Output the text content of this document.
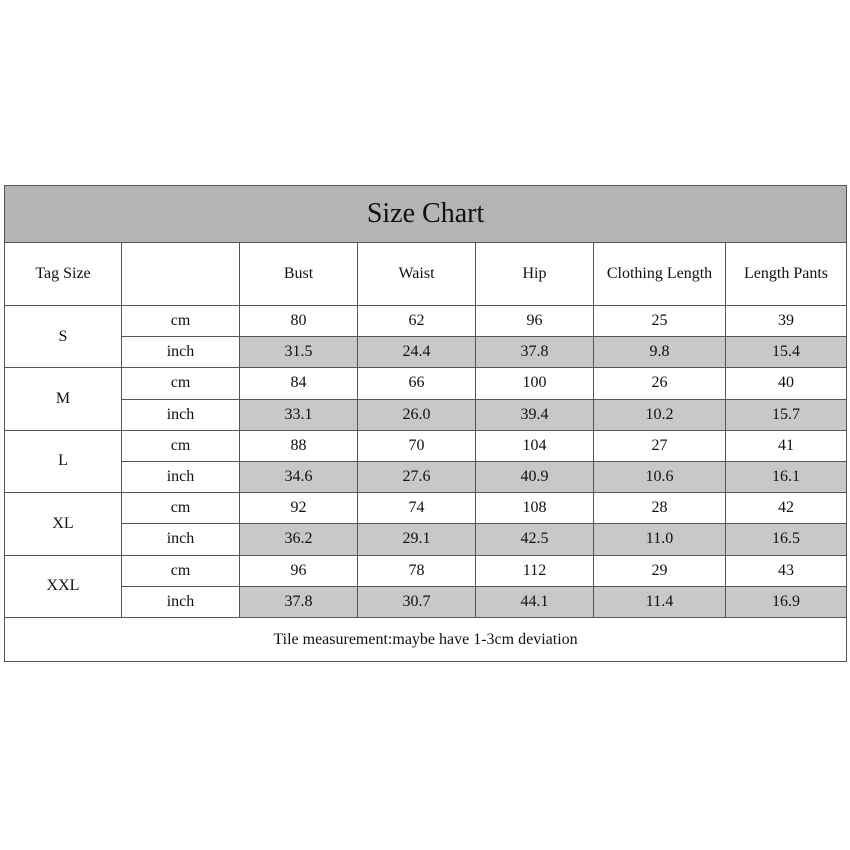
Size Chart						
Tag Size		Bust	Waist	Hip	Clothing Length	Length Pants
S	cm	80	62	96	25	39
	inch	31.5	24.4	37.8	9.8	15.4
M	cm	84	66	100	26	40
	inch	33.1	26.0	39.4	10.2	15.7
L	cm	88	70	104	27	41
	inch	34.6	27.6	40.9	10.6	16.1
XL	cm	92	74	108	28	42
	inch	36.2	29.1	42.5	11.0	16.5
XXL	cm	96	78	112	29	43
	inch	37.8	30.7	44.1	11.4	16.9
Tile measurement:maybe have 1-3cm deviation						
